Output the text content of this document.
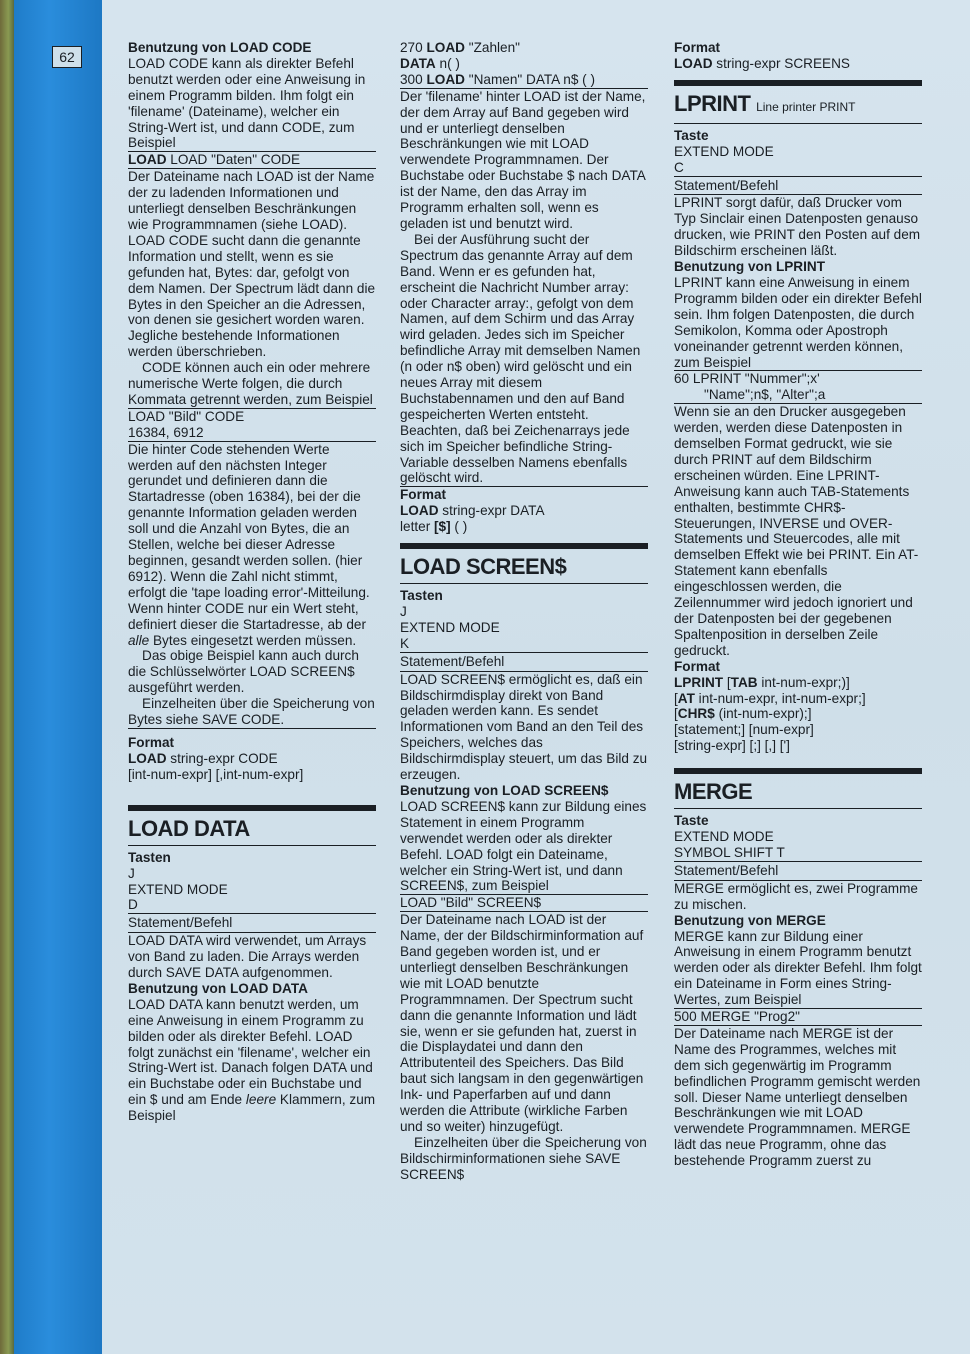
62
Benutzung von LOAD CODE

LOAD CODE kann als direkter Befehl benutzt werden oder eine Anweisung in einem Programm bilden. Ihm folgt ein 'filename' (Dateiname), welcher ein String-Wert ist, und dann CODE, zum Beispiel

LOAD LOAD "Daten" CODE

Der Dateiname nach LOAD ist der Name der zu ladenden Informationen und unterliegt denselben Beschränkungen wie Programmnamen (siehe LOAD). LOAD CODE sucht dann die genannte Information und stellt, wenn es sie gefunden hat, Bytes: dar, gefolgt von dem Namen. Der Spectrum lädt dann die Bytes in den Speicher an die Adressen, von denen sie gesichert worden waren. Jegliche bestehende Informationen werden überschrieben.

CODE können auch ein oder mehrere numerische Werte folgen, die durch Kommata getrennt werden, zum Beispiel

LOAD "Bild" CODE

16384, 6912

Die hinter Code stehenden Werte werden auf den nächsten Integer gerundet und definieren dann die Startadresse (oben 16384), bei der die genannte Information geladen werden soll und die Anzahl von Bytes, die an Stellen, welche bei dieser Adresse beginnen, gesandt werden sollen. (hier 6912). Wenn die Zahl nicht stimmt, erfolgt die 'tape loading error'-Mitteilung. Wenn hinter CODE nur ein Wert steht, definiert dieser die Startadresse, ab der alle Bytes eingesetzt werden müssen.

Das obige Beispiel kann auch durch die Schlüsselwörter LOAD SCREEN$ ausgeführt werden.

Einzelheiten über die Speicherung von Bytes siehe SAVE CODE.

Format

LOAD string-expr CODE

[int-num-expr] [,int-num-expr]

LOAD DATA
Tasten

J

EXTEND MODE

D

Statement/Befehl

LOAD DATA wird verwendet, um Arrays von Band zu laden. Die Arrays werden durch SAVE DATA aufgenommen.

Benutzung von LOAD DATA

LOAD DATA kann benutzt werden, um eine Anweisung in einem Programm zu bilden oder als direkter Befehl. LOAD folgt zunächst ein 'filename', welcher ein String-Wert ist. Danach folgen DATA und ein Buchstabe oder ein Buchstabe und ein $ und am Ende leere Klammern, zum Beispiel

270 LOAD "Zahlen"

DATA n( )

300 LOAD "Namen" DATA n$ ( )

Der 'filename' hinter LOAD ist der Name, der dem Array auf Band gegeben wird und er unterliegt denselben Beschränkungen wie mit LOAD verwendete Programmnamen. Der Buchstabe oder Buchstabe $ nach DATA ist der Name, den das Array im Programm erhalten soll, wenn es geladen ist und benutzt wird.

Bei der Ausführung sucht der Spectrum das genannte Array auf dem Band. Wenn er es gefunden hat, erscheint die Nachricht Number array: oder Character array:, gefolgt von dem Namen, auf dem Schirm und das Array wird geladen. Jedes sich im Speicher befindliche Array mit demselben Namen (n oder n$ oben) wird gelöscht und ein neues Array mit diesem Buchstabennamen und den auf Band gespeicherten Werten entsteht. Beachten, daß bei Zeichenarrays jede sich im Speicher befindliche String-Variable desselben Namens ebenfalls gelöscht wird.

Format

LOAD string-expr DATA

letter [$] ( )

LOAD SCREEN$
Tasten

J

EXTEND MODE

K

Statement/Befehl

LOAD SCREEN$ ermöglicht es, daß ein Bildschirmdisplay direkt von Band geladen werden kann. Es sendet Informationen vom Band an den Teil des Speichers, welches das Bildschirmdisplay steuert, um das Bild zu erzeugen.

Benutzung von LOAD SCREEN$

LOAD SCREEN$ kann zur Bildung eines Statement in einem Programm verwendet werden oder als direkter Befehl. LOAD folgt ein Dateiname, welcher ein String-Wert ist, und dann SCREEN$, zum Beispiel

LOAD "Bild" SCREEN$

Der Dateiname nach LOAD ist der Name, der der Bildschirminformation auf Band gegeben worden ist, und er unterliegt denselben Beschränkungen wie mit LOAD benutzte Programmnamen. Der Spectrum sucht dann die genannte Information und lädt sie, wenn er sie gefunden hat, zuerst in die Displaydatei und dann den Attributenteil des Speichers. Das Bild baut sich langsam in den gegenwärtigen Ink- und Paperfarben auf und dann werden die Attribute (wirkliche Farben und so weiter) hinzugefügt.

Einzelheiten über die Speicherung von Bildschirminformationen siehe SAVE SCREEN$

Format

LOAD string-expr SCREENS

LPRINT Line printer PRINT
Taste

EXTEND MODE

C

Statement/Befehl

LPRINT sorgt dafür, daß Drucker vom Typ Sinclair einen Datenposten genauso drucken, wie PRINT den Posten auf dem Bildschirm erscheinen läßt.

Benutzung von LPRINT

LPRINT kann eine Anweisung in einem Programm bilden oder ein direkter Befehl sein. Ihm folgen Datenposten, die durch Semikolon, Komma oder Apostroph voneinander getrennt werden können, zum Beispiel

60 LPRINT "Nummer";x'

"Name";n$, "Alter";a

Wenn sie an den Drucker ausgegeben werden, werden diese Datenposten in demselben Format gedruckt, wie sie durch PRINT auf dem Bildschirm erscheinen würden. Eine LPRINT-Anweisung kann auch TAB-Statements enthalten, bestimmte CHR$-Steuerungen, INVERSE und OVER-Statements und Steuercodes, alle mit demselben Effekt wie bei PRINT. Ein AT-Statement kann ebenfalls eingeschlossen werden, die Zeilennummer wird jedoch ignoriert und der Datenposten bei der gegebenen Spaltenposition in derselben Zeile gedruckt.

Format

LPRINT [TAB int-num-expr;)]

[AT int-num-expr, int-num-expr;]

[CHR$ (int-num-expr);]

[statement;] [num-expr]

[string-expr] [;] [,] [']

MERGE
Taste

EXTEND MODE

SYMBOL SHIFT T

Statement/Befehl

MERGE ermöglicht es, zwei Programme zu mischen.

Benutzung von MERGE

MERGE kann zur Bildung einer Anweisung in einem Programm benutzt werden oder als direkter Befehl. Ihm folgt ein Dateiname in Form eines String-Wertes, zum Beispiel

500 MERGE "Prog2"

Der Dateiname nach MERGE ist der Name des Programmes, welches mit dem sich gegenwärtig im Programm befindlichen Programm gemischt werden soll. Dieser Name unterliegt denselben Beschränkungen wie mit LOAD verwendete Programmnamen. MERGE lädt das neue Programm, ohne das bestehende Programm zuerst zu
